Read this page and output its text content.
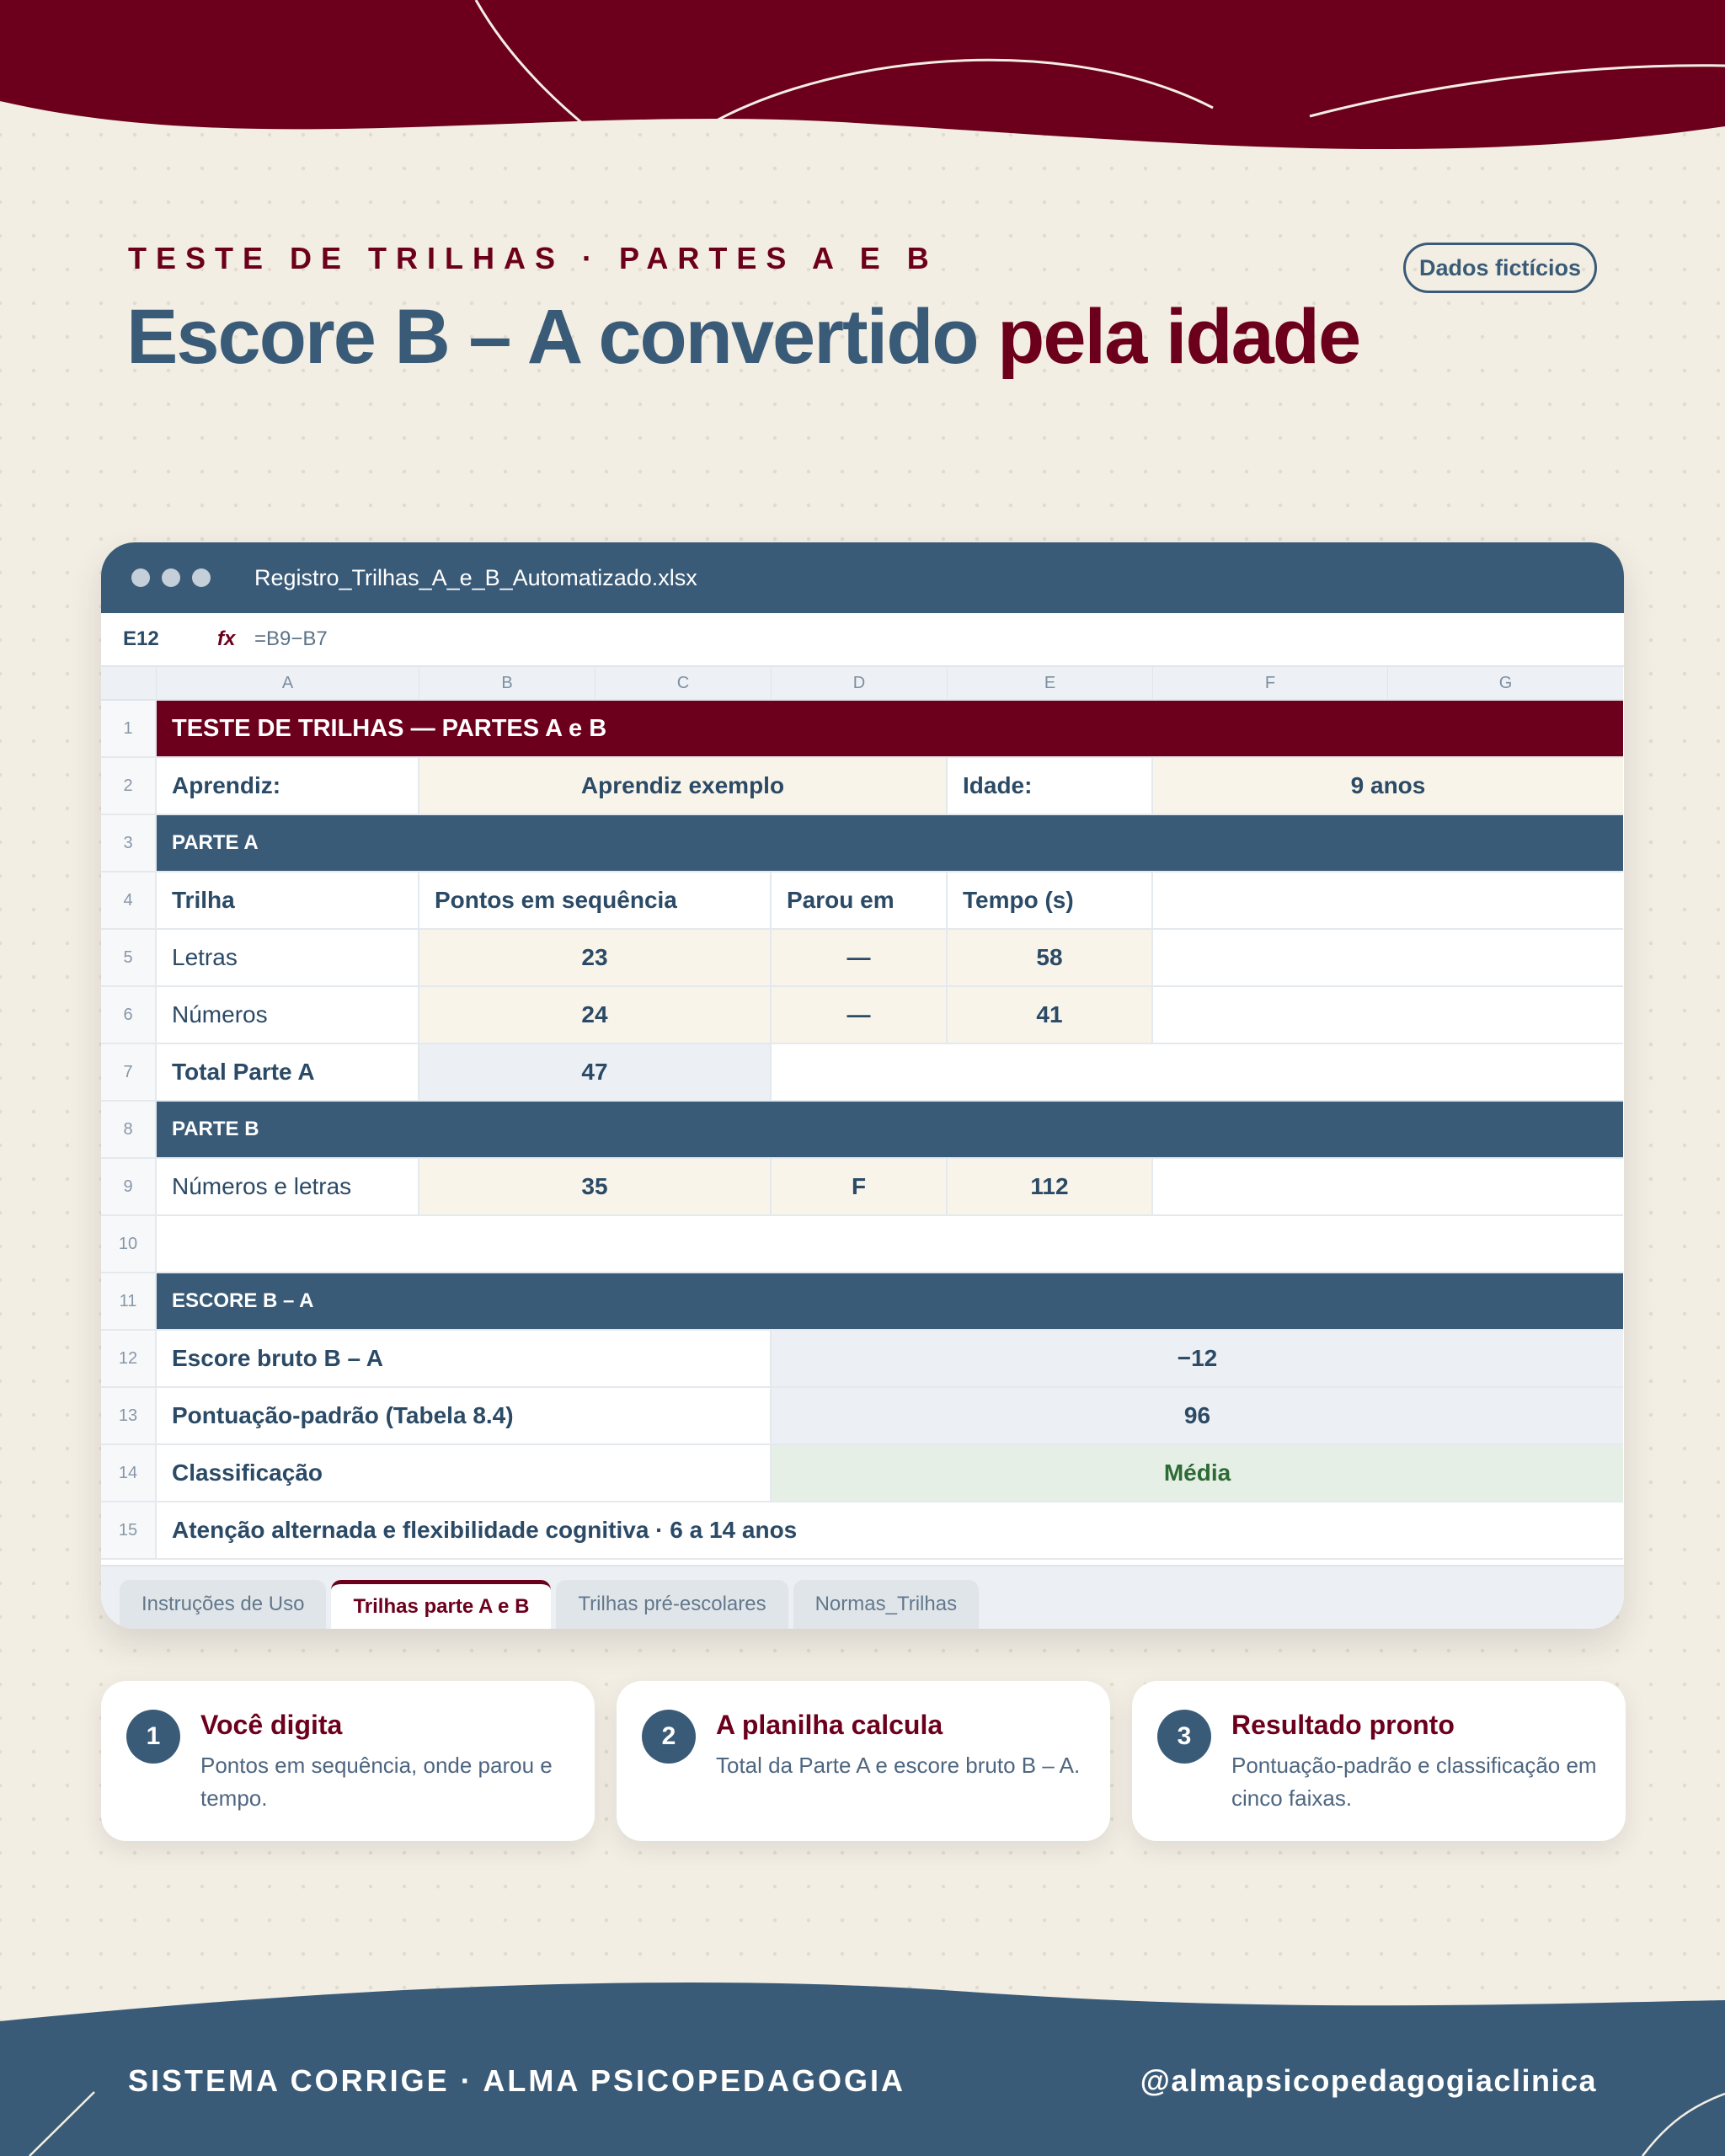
TESTE DE TRILHAS · PARTES A E B
Escore B – A convertido pela idade
Dados fictícios
Registro_Trilhas_A_e_B_Automatizado.xlsx
E12	fx =B9−B7
A	B	C	D	E	F	G
1	TESTE DE TRILHAS — PARTES A e B
2	Aprendiz:	Aprendiz exemplo	Idade:	9 anos
3	PARTE A
4	Trilha	Pontos em sequência	Parou em	Tempo (s)
5	Letras	23	—	58
6	Números	24	—	41
7	Total Parte A	47
8	PARTE B
9	Números e letras	35	F	112
10
11	ESCORE B – A
12	Escore bruto B – A	−12
13	Pontuação-padrão (Tabela 8.4)	96
14	Classificação	Média
15	Atenção alternada e flexibilidade cognitiva · 6 a 14 anos
Instruções de Uso	Trilhas parte A e B	Trilhas pré-escolares	Normas_Trilhas
1	Você digita
Pontos em sequência, onde parou e tempo.
2	A planilha calcula
Total da Parte A e escore bruto B – A.
3	Resultado pronto
Pontuação-padrão e classificação em cinco faixas.
SISTEMA CORRIGE · ALMA PSICOPEDAGOGIA	@almapsicopedagogiaclinica
